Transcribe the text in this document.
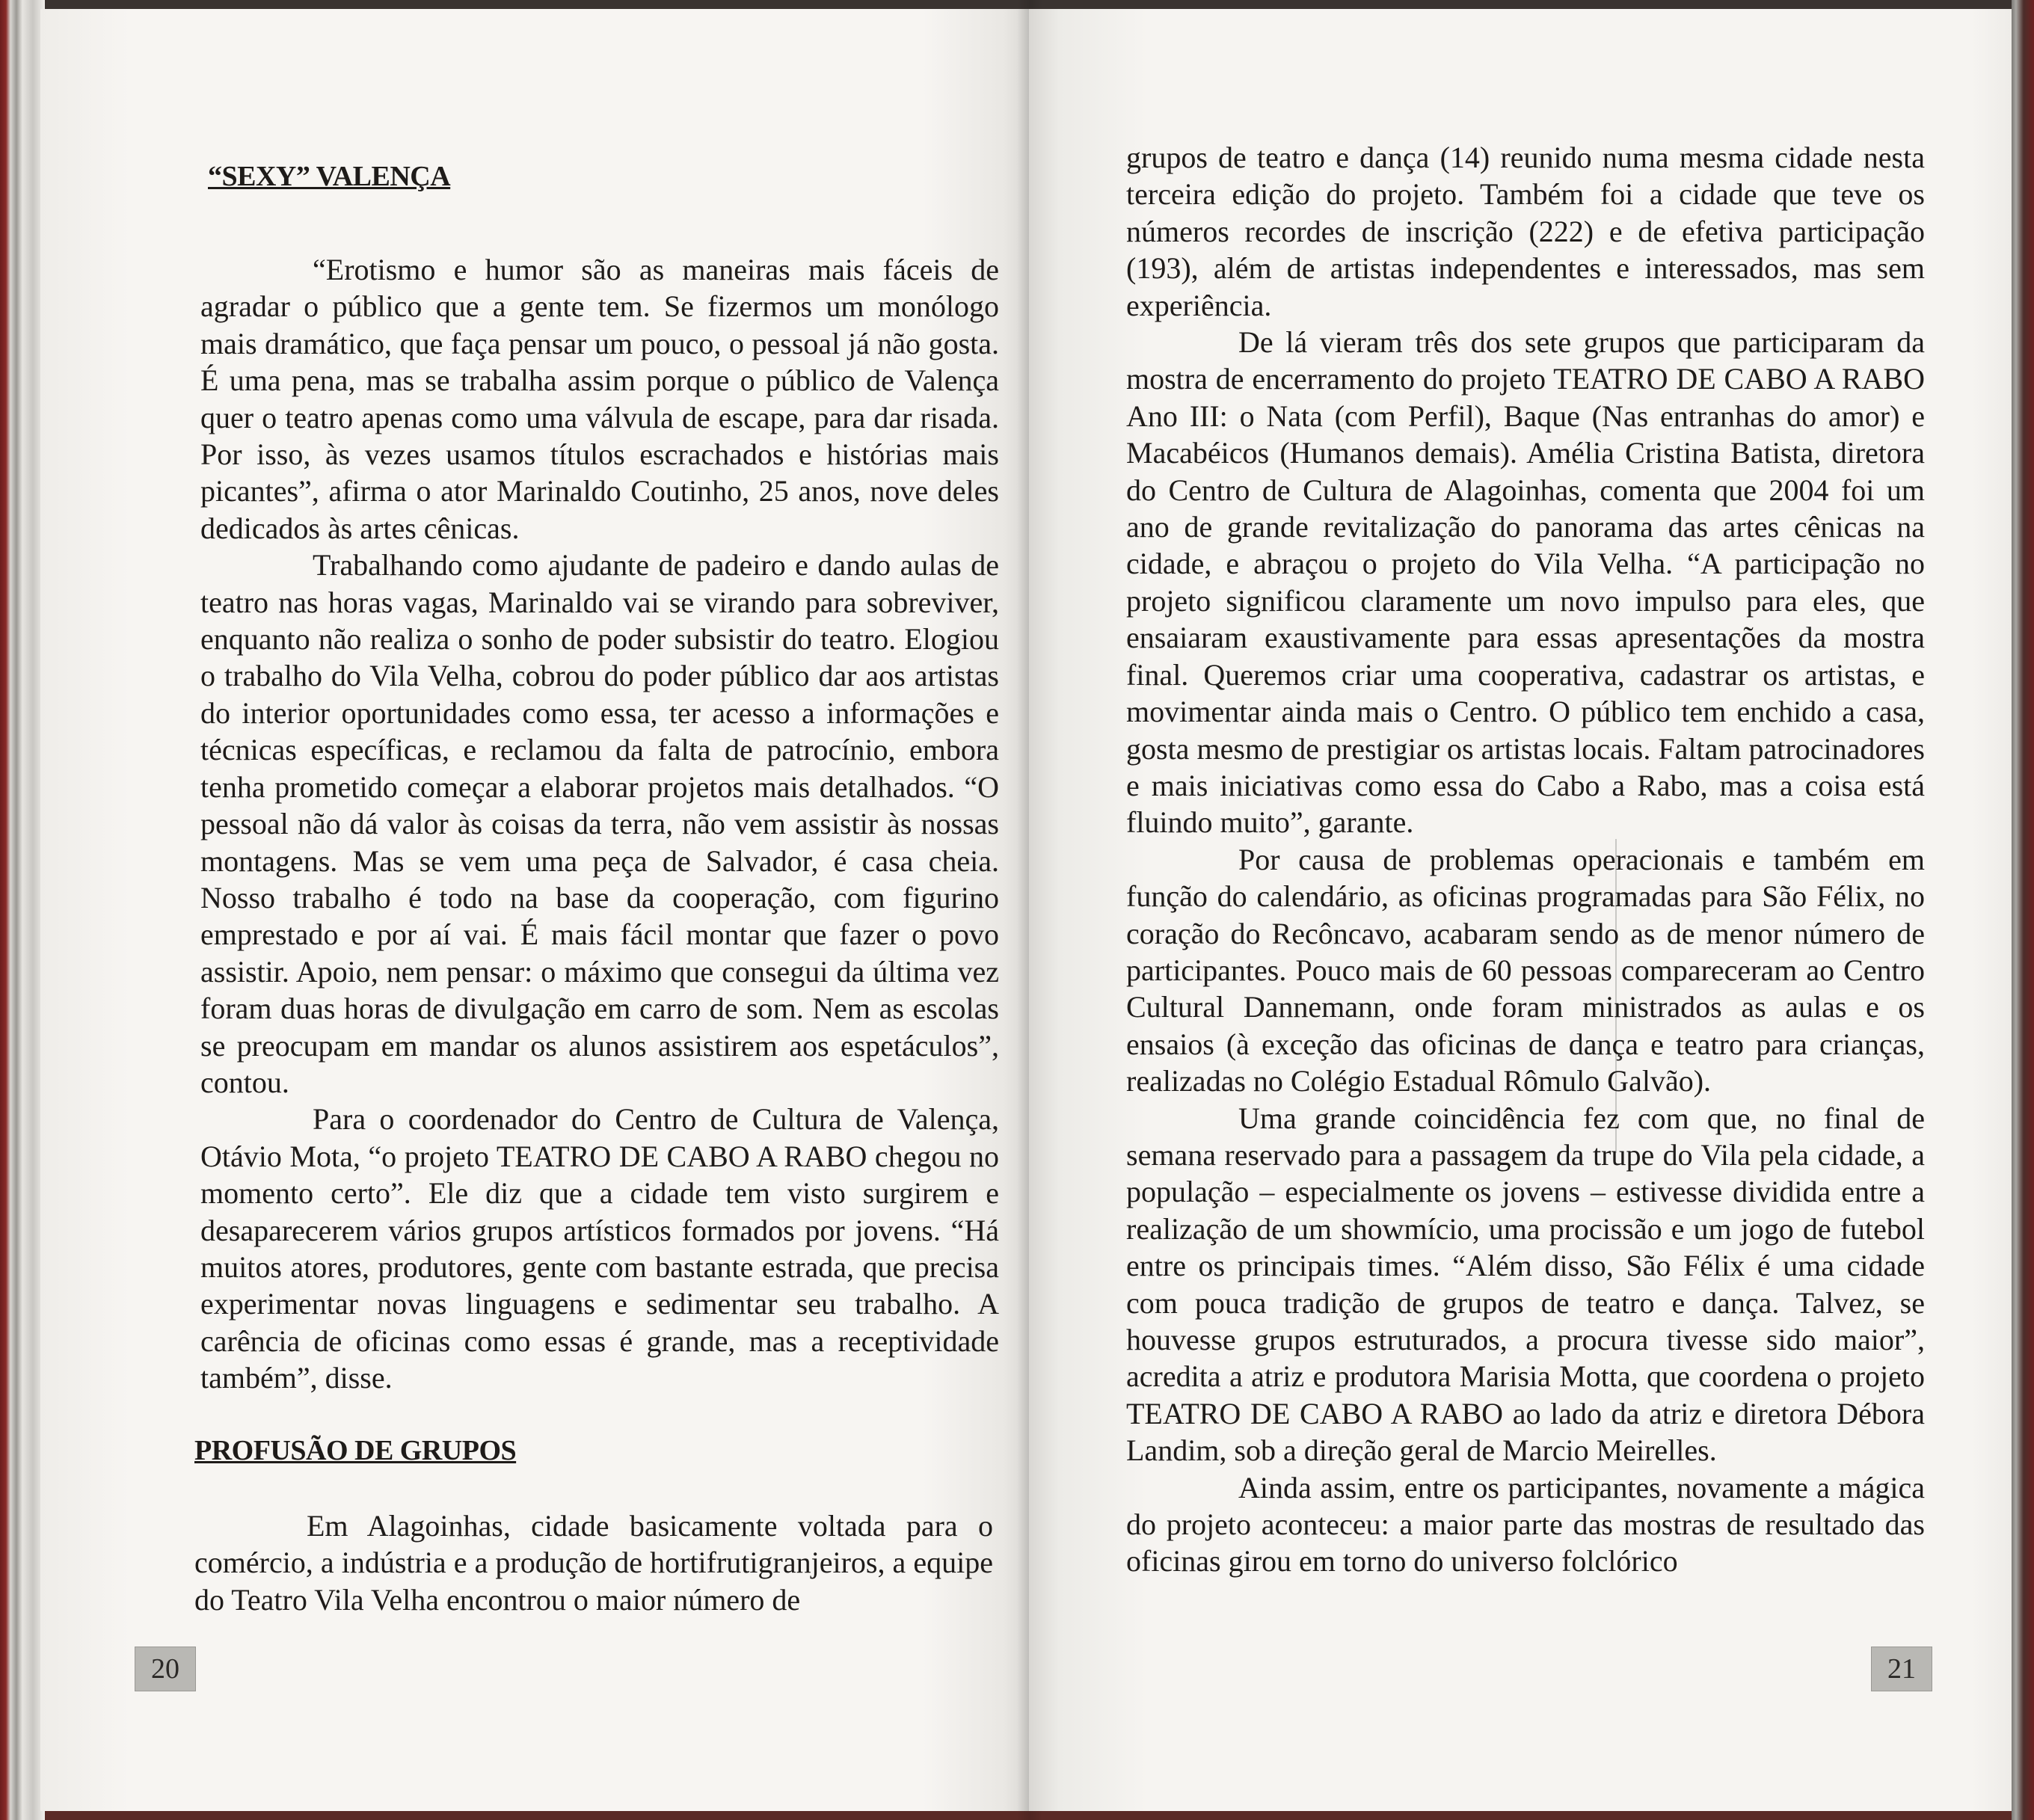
“SEXY” VALENÇA

“Erotismo e humor são as maneiras mais fáceis de agradar o público que a gente tem. Se fizermos um monólogo mais dramático, que faça pensar um pouco, o pessoal já não gosta. É uma pena, mas se trabalha assim porque o público de Valença quer o teatro apenas como uma válvula de escape, para dar risada. Por isso, às vezes usamos títulos escrachados e histórias mais picantes”, afirma o ator Marinaldo Coutinho, 25 anos, nove deles dedicados às artes cênicas.

Trabalhando como ajudante de padeiro e dando aulas de teatro nas horas vagas, Marinaldo vai se virando para sobreviver, enquanto não realiza o sonho de poder subsistir do teatro. Elogiou o trabalho do Vila Velha, cobrou do poder público dar aos artistas do interior oportunidades como essa, ter acesso a informações e técnicas específicas, e reclamou da falta de patrocínio, embora tenha prometido começar a elaborar projetos mais detalhados. “O pessoal não dá valor às coisas da terra, não vem assistir às nossas montagens. Mas se vem uma peça de Salvador, é casa cheia. Nosso trabalho é todo na base da cooperação, com figurino emprestado e por aí vai. É mais fácil montar que fazer o povo assistir. Apoio, nem pensar: o máximo que consegui da última vez foram duas horas de divulgação em carro de som. Nem as escolas se preocupam em mandar os alunos assistirem aos espetáculos”, contou.

Para o coordenador do Centro de Cultura de Valença, Otávio Mota, “o projeto TEATRO DE CABO A RABO chegou no momento certo”. Ele diz que a cidade tem visto surgirem e desaparecerem vários grupos artísticos formados por jovens. “Há muitos atores, produtores, gente com bastante estrada, que precisa experimentar novas linguagens e sedimentar seu trabalho. A carência de oficinas como essas é grande, mas a receptividade também”, disse.

PROFUSÃO DE GRUPOS

Em Alagoinhas, cidade basicamente voltada para o comércio, a indústria e a produção de hortifrutigranjeiros, a equipe do Teatro Vila Velha encontrou o maior número de

20

grupos de teatro e dança (14) reunido numa mesma cidade nesta terceira edição do projeto. Também foi a cidade que teve os números recordes de inscrição (222) e de efetiva participação (193), além de artistas independentes e interessados, mas sem experiência.

De lá vieram três dos sete grupos que participaram da mostra de encerramento do projeto TEATRO DE CABO A RABO Ano III: o Nata (com Perfil), Baque (Nas entranhas do amor) e Macabéicos (Humanos demais). Amélia Cristina Batista, diretora do Centro de Cultura de Alagoinhas, comenta que 2004 foi um ano de grande revitalização do panorama das artes cênicas na cidade, e abraçou o projeto do Vila Velha. “A participação no projeto significou claramente um novo impulso para eles, que ensaiaram exaustivamente para essas apresentações da mostra final. Queremos criar uma cooperativa, cadastrar os artistas, e movimentar ainda mais o Centro. O público tem enchido a casa, gosta mesmo de prestigiar os artistas locais. Faltam patrocinadores e mais iniciativas como essa do Cabo a Rabo, mas a coisa está fluindo muito”, garante.

Por causa de problemas operacionais e também em função do calendário, as oficinas programadas para São Félix, no coração do Recôncavo, acabaram sendo as de menor número de participantes. Pouco mais de 60 pessoas compareceram ao Centro Cultural Dannemann, onde foram ministrados as aulas e os ensaios (à exceção das oficinas de dança e teatro para crianças, realizadas no Colégio Estadual Rômulo Galvão).

Uma grande coincidência fez com que, no final de semana reservado para a passagem da trupe do Vila pela cidade, a população – especialmente os jovens – estivesse dividida entre a realização de um showmício, uma procissão e um jogo de futebol entre os principais times. “Além disso, São Félix é uma cidade com pouca tradição de grupos de teatro e dança. Talvez, se houvesse grupos estruturados, a procura tivesse sido maior”, acredita a atriz e produtora Marisia Motta, que coordena o projeto TEATRO DE CABO A RABO ao lado da atriz e diretora Débora Landim, sob a direção geral de Marcio Meirelles.

Ainda assim, entre os participantes, novamente a mágica do projeto aconteceu: a maior parte das mostras de resultado das oficinas girou em torno do universo folclórico

21
